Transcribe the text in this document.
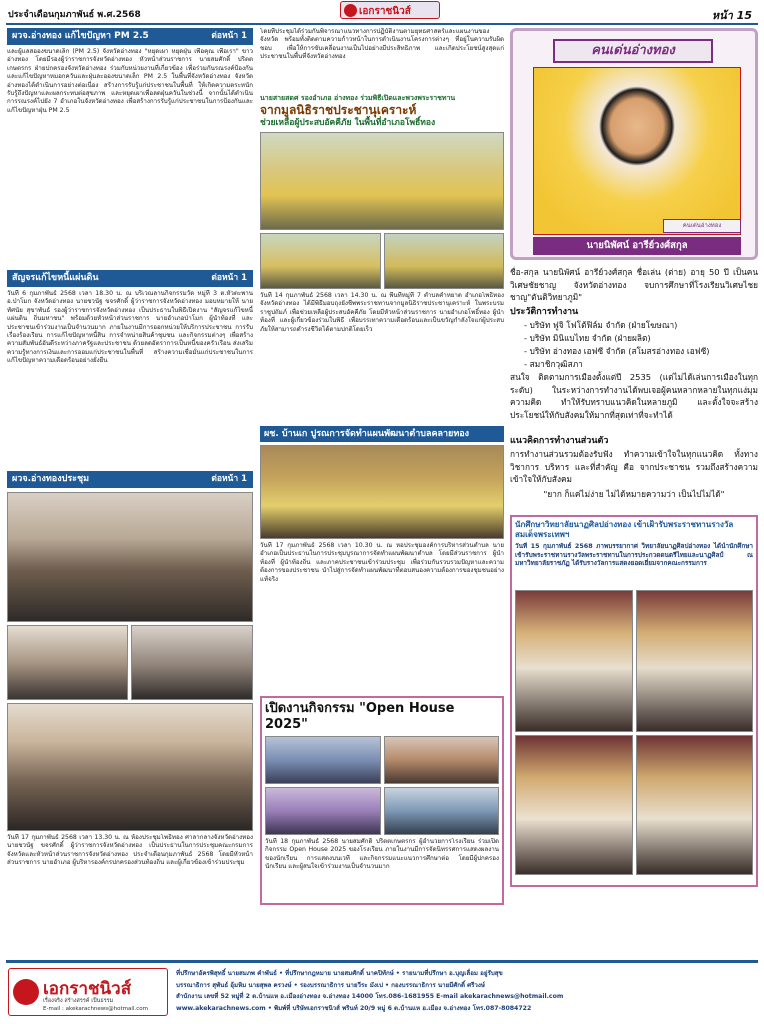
ประจำเดือนกุมภาพันธ์ พ.ศ.2568	เอกราชนิวส์	หน้า 15
ผวจ.อ่างทอง แก้ไขปัญหา PM 2.5	ต่อหน้า 1
และผู้แลสอองขนาดเล็ก (PM 2.5) จังหวัดอ่างทอง "หยุดเผา หยุดฝุ่น เพื่อคุณ เพื่อเรา" ขาวอ่างทอง โดยมีรองผู้ว่าราชการจังหวัดอ่างทอง หัวหน้าส่วนราชการ นายสมศักดิ์ ปริตตเกษตรกร ฝ่ายปกครองจังหวัดอ่างทอง ร่วมกับหน่วยงานที่เกี่ยวข้อง เพื่อร่วมกันรณรงค์ป้องกันและแก้ไขปัญหาหมอกควันและฝุ่นละอองขนาดเล็ก PM 2.5 ในพื้นที่จังหวัดอ่างทอง จังหวัดอ่างทองได้ดำเนินการอย่างต่อเนื่อง สร้างการรับรู้แก่ประชาชนในพื้นที่ ให้เกิดความตระหนัก รับรู้ถึงปัญหาและผลกระทบต่อสุขภาพ และหยุดเผาเพื่อลดฝุ่นควันในช่วงนี้ จากนั้นได้ดำเนินการรณรงค์ไปยัง 7 อำเภอในจังหวัดอ่างทอง เพื่อสร้างการรับรู้แก่ประชาชนในการป้องกันและแก้ไขปัญหาฝุ่น PM 2.5
สัญจรแก้ไขหนี้แผ่นดิน	ต่อหน้า 1
วันที่ 6 กุมภาพันธ์ 2568 เวลา 18.30 น. ณ บริเวณลานกิจกรรมวัด หมู่ที่ 3 ต.หัวตะพาน อ.ป่าโมก จังหวัดอ่างทอง นายชวนัฐ ขจรศักดิ์ ผู้ว่าราชการจังหวัดอ่างทอง มอบหมายให้ นายทัศนัย สุขาพันธ์ รองผู้ว่าราชการจังหวัดอ่างทอง เป็นประธานในพิธีเปิดงาน "สัญจรแก้ไขหนี้แผ่นดิน ถิ่นมหาชน" พร้อมด้วยหัวหน้าส่วนราชการ นายอำเภอป่าโมก ผู้นำท้องที่ และประชาชนเข้าร่วมงานเป็นจำนวนมาก ภายในงานมีการออกหน่วยให้บริการประชาชน การรับเรื่องร้องเรียน การแก้ไขปัญหาหนี้สิน การจำหน่ายสินค้าชุมชน และกิจกรรมต่างๆ เพื่อสร้างความสัมพันธ์อันดีระหว่างภาครัฐและประชาชน ด้วยลดอัตราการเป็นหนี้ของครัวเรือน ส่งเสริมความรู้ทางการเงินและการออมแก่ประชาชนในพื้นที่ สร้างความเชื่อมั่นแก่ประชาชนในการแก้ไขปัญหาความเดือดร้อนอย่างยั่งยืน
ผวจ.อ่างทองประชุม	ต่อหน้า 1
วันที่ 17 กุมภาพันธ์ 2568 เวลา 13.30 น. ณ ห้องประชุมโพธิ์ทอง ศาลากลางจังหวัดอ่างทอง นายชวนัฐ ขจรศักดิ์ ผู้ว่าราชการจังหวัดอ่างทอง เป็นประธานในการประชุมคณะกรมการจังหวัดและหัวหน้าส่วนราชการจังหวัดอ่างทอง ประจำเดือนกุมภาพันธ์ 2568 โดยมีหัวหน้าส่วนราชการ นายอำเภอ ผู้บริหารองค์กรปกครองส่วนท้องถิ่น และผู้เกี่ยวข้องเข้าร่วมประชุม
โดยที่ประชุมได้ร่วมกันพิจารณาแนวทางการปฏิบัติงานตามยุทธศาสตร์และแผนงานของจังหวัด พร้อมทั้งติดตามความก้าวหน้าในการดำเนินงานโครงการต่างๆ ที่อยู่ในความรับผิดชอบ เพื่อให้การขับเคลื่อนงานเป็นไปอย่างมีประสิทธิภาพ และเกิดประโยชน์สูงสุดแก่ประชาชนในพื้นที่จังหวัดอ่างทอง
นายสายสดศ รองอำเภอ อ่างทอง ร่วมพิธีเปิดและพวงพระราชทาน
จากมูลนิธิราชประชานุเคราะห์
ช่วยเหลือผู้ประสบอัคคีภัย ในพื้นที่อำเภอโพธิ์ทอง
วันที่ 14 กุมภาพันธ์ 2568 เวลา 14.30 น. ณ พื้นที่หมู่ที่ 7 ตำบลคำหยาด อำเภอโพธิ์ทอง จังหวัดอ่างทอง ได้มีพิธีมอบถุงยังชีพพระราชทานจากมูลนิธิราชประชานุเคราะห์ ในพระบรมราชูปถัมภ์ เพื่อช่วยเหลือผู้ประสบอัคคีภัย โดยมีหัวหน้าส่วนราชการ นายอำเภอโพธิ์ทอง ผู้นำท้องที่ และผู้เกี่ยวข้องร่วมในพิธี เพื่อบรรเทาความเดือดร้อนและเป็นขวัญกำลังใจแก่ผู้ประสบภัยให้สามารถดำรงชีวิตได้ตามปกติโดยเร็ว
ผช. บ้านเก ปูรณการจัดทำแผนพัฒนาตำบลคลายทอง
วันที่ 17 กุมภาพันธ์ 2568 เวลา 10.30 น. ณ หอประชุมองค์การบริหารส่วนตำบล นายอำเภอเป็นประธานในการประชุมบูรณาการจัดทำแผนพัฒนาตำบล โดยมีส่วนราชการ ผู้นำท้องที่ ผู้นำท้องถิ่น และภาคประชาชนเข้าร่วมประชุม เพื่อร่วมกันรวบรวมปัญหาและความต้องการของประชาชน นำไปสู่การจัดทำแผนพัฒนาที่ตอบสนองความต้องการของชุมชนอย่างแท้จริง
เปิดงานกิจกรรม "Open House 2025"
วันที่ 18 กุมภาพันธ์ 2568 นายสมศักดิ์ ปริตตเกษตรกร ผู้อำนวยการโรงเรียน ร่วมเปิดกิจกรรม Open House 2025 ของโรงเรียน ภายในงานมีการจัดนิทรรศการแสดงผลงานของนักเรียน การแสดงบนเวที และกิจกรรมแนะแนวการศึกษาต่อ โดยมีผู้ปกครอง นักเรียน และผู้สนใจเข้าร่วมงานเป็นจำนวนมาก
คนเด่นอ่างทอง
คนเด่นอ่างทอง
นายนิพัศน์ อารีย์วงศ์สกุล
ชื่อ-สกุล นายนิพัศน์ อารีย์วงศ์สกุล ชื่อเล่น (ต่าย) อายุ 50 ปี เป็นคนวิเศษชัยชาญ จังหวัดอ่างทอง จบการศึกษาที่โรงเรียนวิเศษไชยชาญ"ตันติวิทยาภูมิ"
ประวัติการทำงาน
- บริษัท ฟูจิ โฟโต้ฟิล์ม จำกัด (ฝ่ายโฆษณา)
- บริษัท มินิแบไทย จำกัด (ฝ่ายผลิต)
- บริษัท อ่างทอง เอฟซี จำกัด (สโมสรอ่างทอง เอฟซี)
- สมาชิกวุฒิสภา
สนใจ ติดตามการเมืองตั้งแต่ปี 2535 (แต่ไม่ได้เล่นการเมืองในทุกระดับ) ในระหว่างการทำงานได้พบเจอผู้คนหลากหลายในทุกแง่มุมความคิด ทำให้รับทราบแนวคิดในหลายภูมิ และตั้งใจจะสร้างประโยชน์ให้กับสังคมให้มากที่สุดเท่าที่จะทำได้
แนวคิดการทำงานส่วนตัว
การทำงานส่วนรวมต้องรับฟัง ทำความเข้าใจในทุกแนวคิด ทั้งทางวิชาการ บริหาร และที่สำคัญ คือ จากประชาชน รวมถึงสร้างความเข้าใจให้กับสังคม
"ยาก ก็แค่ไม่ง่าย ไม่ได้หมายความว่า เป็นไปไม่ได้"
นักศึกษาวิทยาลัยนาฏศิลปอ่างทอง เข้าเฝ้ารับพระราชทานรางวัล สมเด็จพระเทพฯ
วันที่ 15 กุมภาพันธ์ 2568 ภาพบรรยากาศ วิทยาลัยนาฏศิลปอ่างทอง ได้นำนักศึกษาเข้ารับพระราชทานรางวัลพระราชทานในการประกวดดนตรีไทยและนาฏศิลป์ ณ มหาวิทยาลัยราชภัฏ ได้รับรางวัลการแสดงยอดเยี่ยมจากคณะกรรมการ
เอกราชนิวส์
เรื่องจริง สร้างสรรค์ เป็นธรรม
E-mail : akekarachnews@hotmail.com
ที่ปรึกษาอัครพิสุทธิ์ นายสมภพ คำพันธ์ • ที่ปรึกษากฎหมาย นายสมศักดิ์ นาคปิทักษ์ • รายนามที่ปรึกษา อ.บุญเลื่อม อยู่รับสุข
บรรณาธิการ สุพันธ์ อุ้มหิม นายสุพล ครวงษ์ • รองบรรณาธิการ นายวีระ มังเป • กองบรรณาธิการ นายมีศักดิ์ ศรีวงษ์
สำนักงาน เลขที่ 52 หมู่ที่ 2 ต.บ้านแห อ.เมืองอ่างทอง จ.อ่างทอง 14000 โทร.086-1681955 E-mail akekarachnews@hotmail.com
www.akekarachnews.com • พิมพ์ที่ บริษัทเอกราชนิวส์ พรินท์ 20/9 หมู่ 6 ต.บ้านแห อ.เมือง จ.อ่างทอง โทร.087-8084722
